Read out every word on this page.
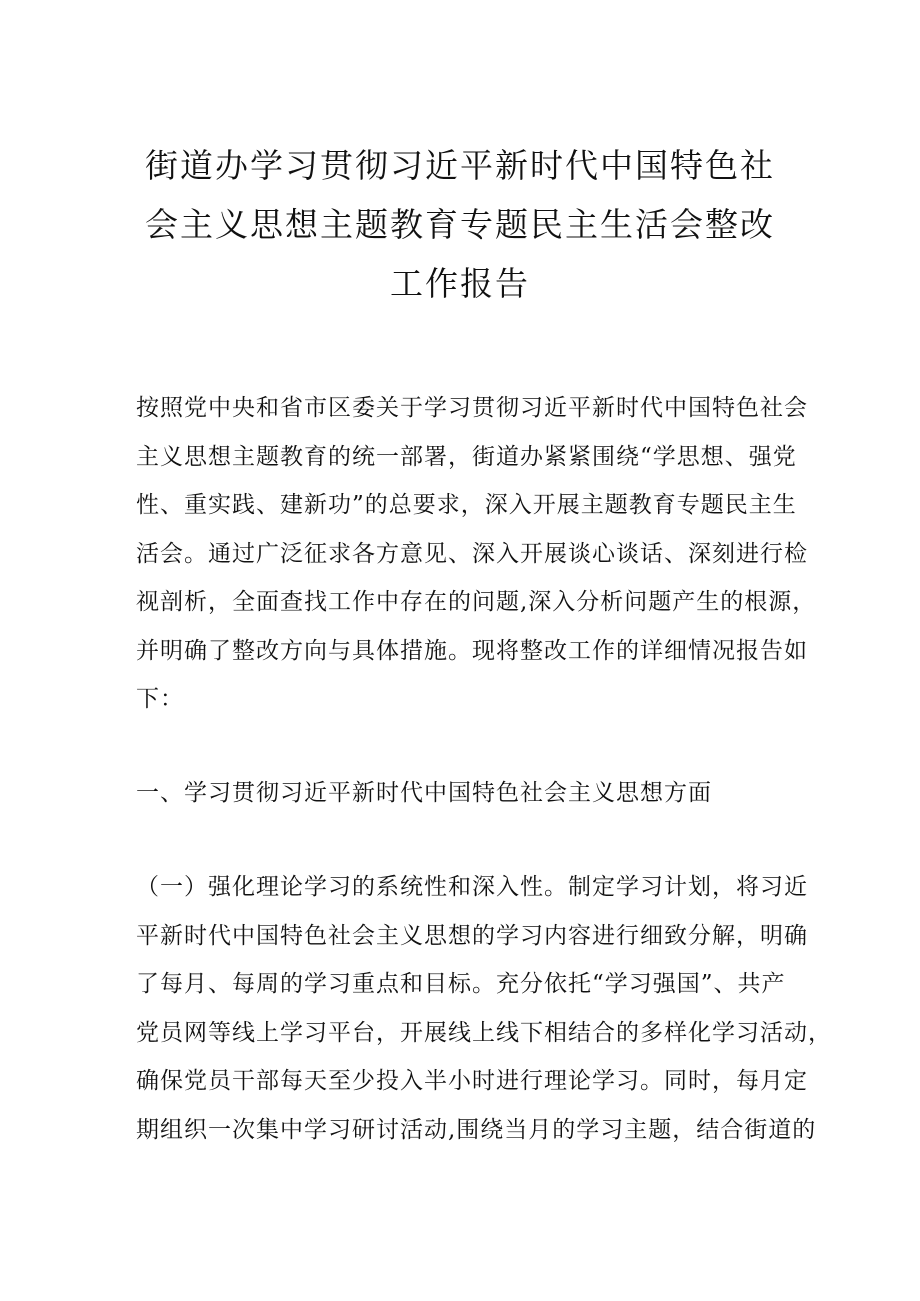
街道办学习贯彻习近平新时代中国特色社
会主义思想主题教育专题民主生活会整改
工作报告

按照党中央和省市区委关于学习贯彻习近平新时代中国特色社会
主义思想主题教育的统一部署，街道办紧紧围绕“学思想、强党
性、重实践、建新功”的总要求，深入开展主题教育专题民主生
活会。通过广泛征求各方意见、深入开展谈心谈话、深刻进行检
视剖析，全面查找工作中存在的问题,深入分析问题产生的根源，
并明确了整改方向与具体措施。现将整改工作的详细情况报告如
下：

一、学习贯彻习近平新时代中国特色社会主义思想方面

（一）强化理论学习的系统性和深入性。制定学习计划，将习近
平新时代中国特色社会主义思想的学习内容进行细致分解，明确
了每月、每周的学习重点和目标。充分依托“学习强国”、共产
党员网等线上学习平台，开展线上线下相结合的多样化学习活动，
确保党员干部每天至少投入半小时进行理论学习。同时，每月定
期组织一次集中学习研讨活动,围绕当月的学习主题，结合街道的
